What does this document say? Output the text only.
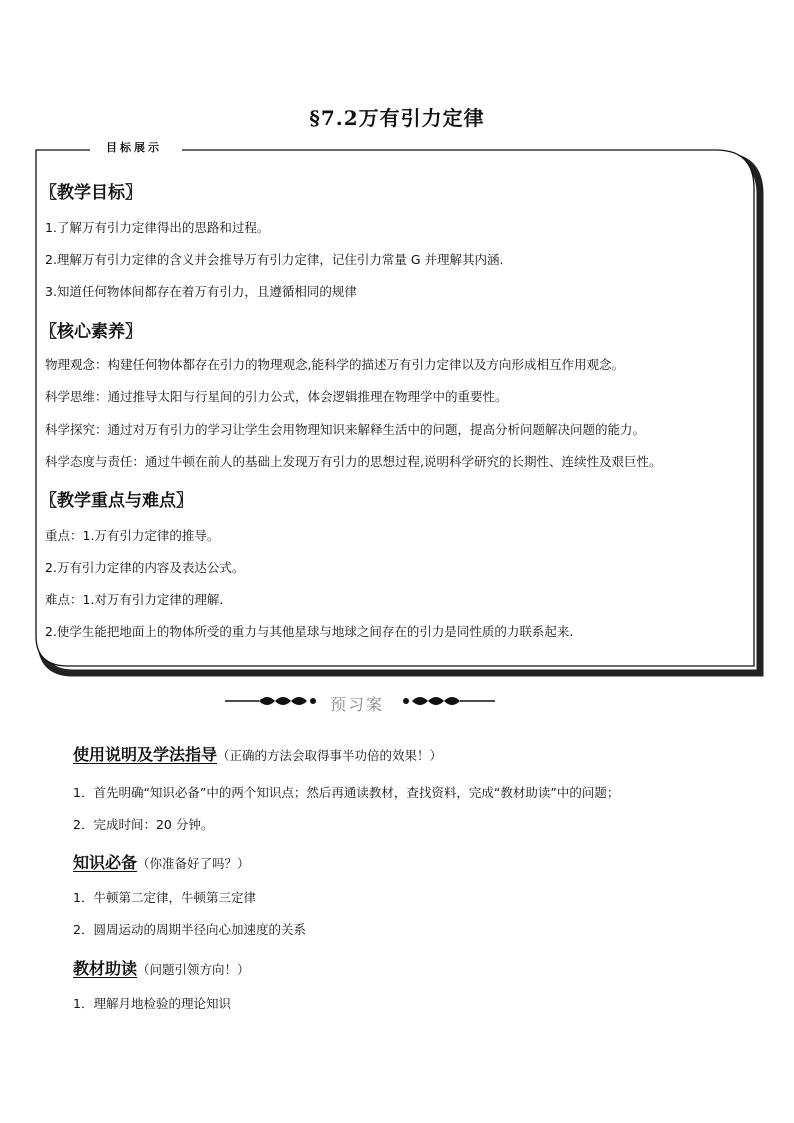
§7.2万有引力定律
目标展示
〖教学目标〗
1.了解万有引力定律得出的思路和过程。
2.理解万有引力定律的含义并会推导万有引力定律，记住引力常量 G 并理解其内涵.
3.知道任何物体间都存在着万有引力，且遵循相同的规律
〖核心素养〗
物理观念：构建任何物体都存在引力的物理观念,能科学的描述万有引力定律以及方向形成相互作用观念。
科学思维：通过推导太阳与行星间的引力公式，体会逻辑推理在物理学中的重要性。
科学探究：通过对万有引力的学习让学生会用物理知识来解释生活中的问题，提高分析问题解决问题的能力。
科学态度与责任：通过牛顿在前人的基础上发现万有引力的思想过程,说明科学研究的长期性、连续性及艰巨性。
〖教学重点与难点〗
重点：1.万有引力定律的推导。
2.万有引力定律的内容及表达公式。
难点：1.对万有引力定律的理解.
2.使学生能把地面上的物体所受的重力与其他星球与地球之间存在的引力是同性质的力联系起来.
预习案
使用说明及学法指导（正确的方法会取得事半功倍的效果！）
1．首先明确“知识必备”中的两个知识点；然后再通读教材，查找资料，完成“教材助读”中的问题；
2．完成时间：20 分钟。
知识必备（你准备好了吗？）
1．牛顿第二定律，牛顿第三定律
2．圆周运动的周期半径向心加速度的关系
教材助读（问题引领方向！）
1．理解月地检验的理论知识
